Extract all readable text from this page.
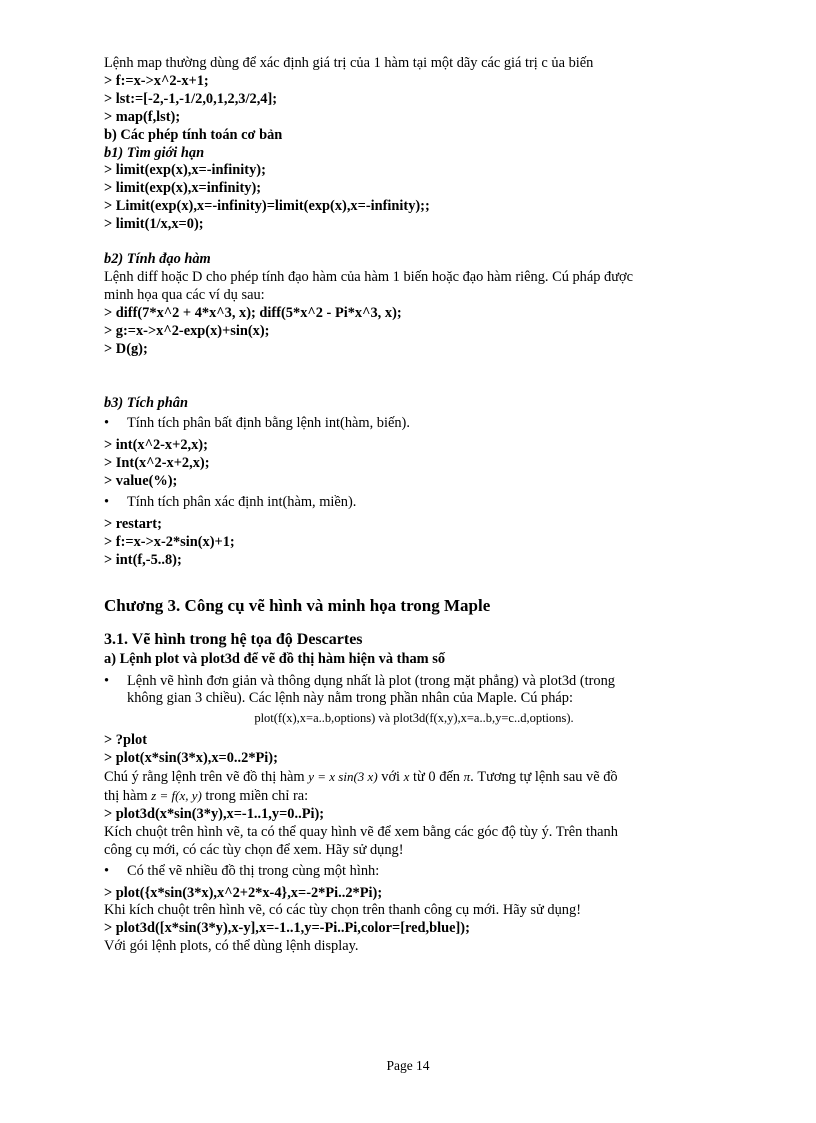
Lệnh map thường dùng để xác định giá trị của 1 hàm tại một dãy các giá trị c ủa biến
> f:=x->x^2-x+1;
> lst:=[-2,-1,-1/2,0,1,2,3/2,4];
> map(f,lst);
b) Các phép tính toán cơ bản
b1) Tìm giới hạn
> limit(exp(x),x=-infinity);
> limit(exp(x),x=infinity);
> Limit(exp(x),x=-infinity)=limit(exp(x),x=-infinity);;
> limit(1/x,x=0);
b2) Tính đạo hàm
Lệnh diff hoặc D cho phép tính đạo hàm của hàm 1 biến hoặc đạo hàm riêng. Cú pháp được
minh họa qua các ví dụ sau:
> diff(7*x^2 + 4*x^3, x); diff(5*x^2 - Pi*x^3, x);
> g:=x->x^2-exp(x)+sin(x);
> D(g);
b3) Tích phân
• Tính tích phân bất định bằng lệnh int(hàm, biến).
> int(x^2-x+2,x);
> Int(x^2-x+2,x);
> value(%);
• Tính tích phân xác định int(hàm, miền).
> restart;
> f:=x->x-2*sin(x)+1;
> int(f,-5..8);
Chương 3. Công cụ vẽ hình và minh họa trong Maple
3.1. Vẽ hình trong hệ tọa độ Descartes
a) Lệnh plot và plot3d để vẽ đồ thị hàm hiện và tham số
• Lệnh vẽ hình đơn giản và thông dụng nhất là plot (trong mặt phẳng) và plot3d (trong
không gian 3 chiều). Các lệnh này nằm trong phần nhân của Maple. Cú pháp:
plot(f(x),x=a..b,options) và plot3d(f(x,y),x=a..b,y=c..d,options).
> ?plot
> plot(x*sin(3*x),x=0..2*Pi);
Chú ý rằng lệnh trên vẽ đồ thị hàm y = x sin(3 x) với x từ 0 đến π. Tương tự lệnh sau vẽ đồ
thị hàm z = f(x, y) trong miền chỉ ra:
> plot3d(x*sin(3*y),x=-1..1,y=0..Pi);
Kích chuột trên hình vẽ, ta có thể quay hình vẽ để xem bằng các góc độ tùy ý. Trên thanh
công cụ mới, có các tùy chọn để xem. Hãy sử dụng!
• Có thể vẽ nhiều đồ thị trong cùng một hình:
> plot({x*sin(3*x),x^2+2*x-4},x=-2*Pi..2*Pi);
Khi kích chuột trên hình vẽ, có các tùy chọn trên thanh công cụ mới. Hãy sử dụng!
> plot3d([x*sin(3*y),x-y],x=-1..1,y=-Pi..Pi,color=[red,blue]);
Với gói lệnh plots, có thể dùng lệnh display.
Page 14
